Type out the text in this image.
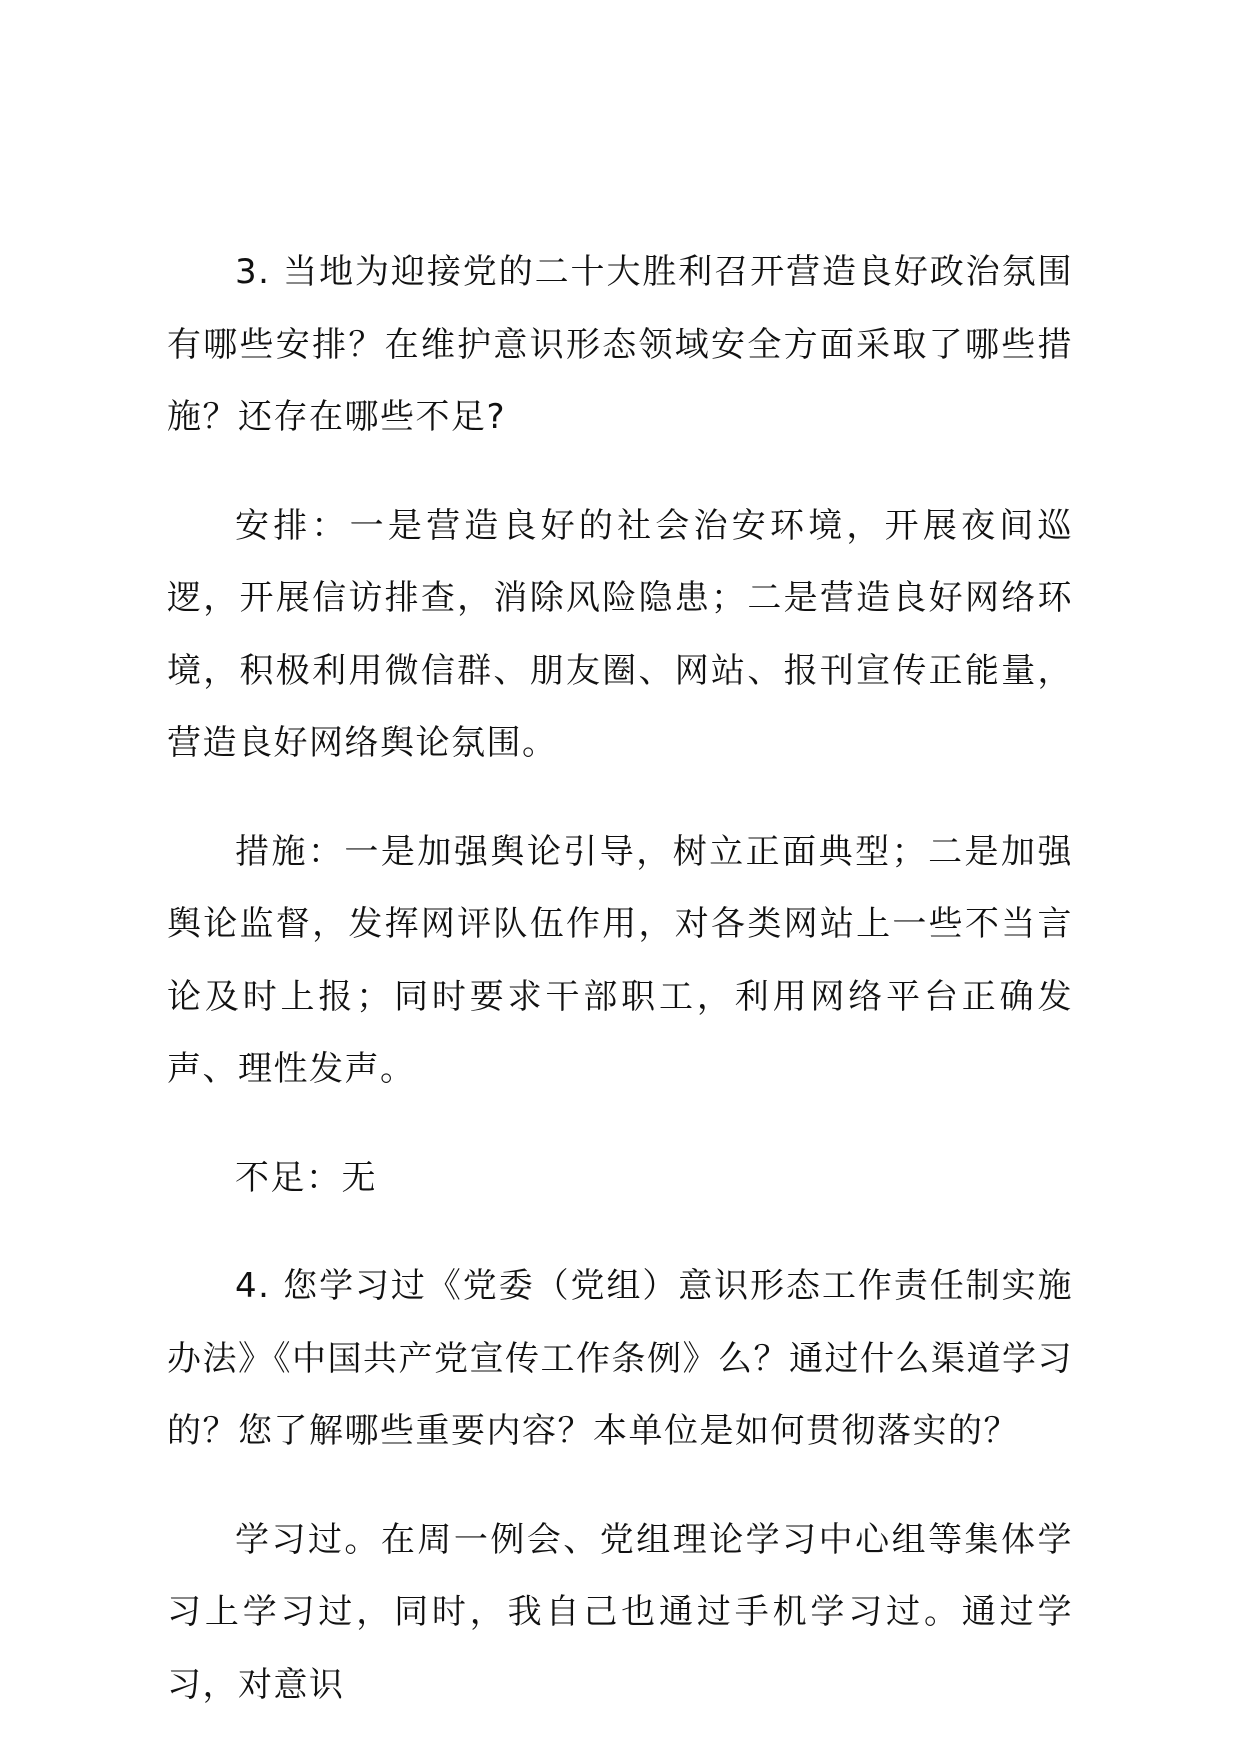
3. 当地为迎接党的二十大胜利召开营造良好政治氛围有哪些安排？在维护意识形态领域安全方面采取了哪些措施？还存在哪些不足?

安排：一是营造良好的社会治安环境，开展夜间巡逻，开展信访排查，消除风险隐患；二是营造良好网络环境，积极利用微信群、朋友圈、网站、报刊宣传正能量，营造良好网络舆论氛围。

措施：一是加强舆论引导，树立正面典型；二是加强舆论监督，发挥网评队伍作用，对各类网站上一些不当言论及时上报；同时要求干部职工，利用网络平台正确发声、理性发声。

不足：无

4. 您学习过《党委（党组）意识形态工作责任制实施办法》《中国共产党宣传工作条例》么？通过什么渠道学习的？您了解哪些重要内容？本单位是如何贯彻落实的？

学习过。在周一例会、党组理论学习中心组等集体学习上学习过，同时，我自己也通过手机学习过。通过学习，对意识
